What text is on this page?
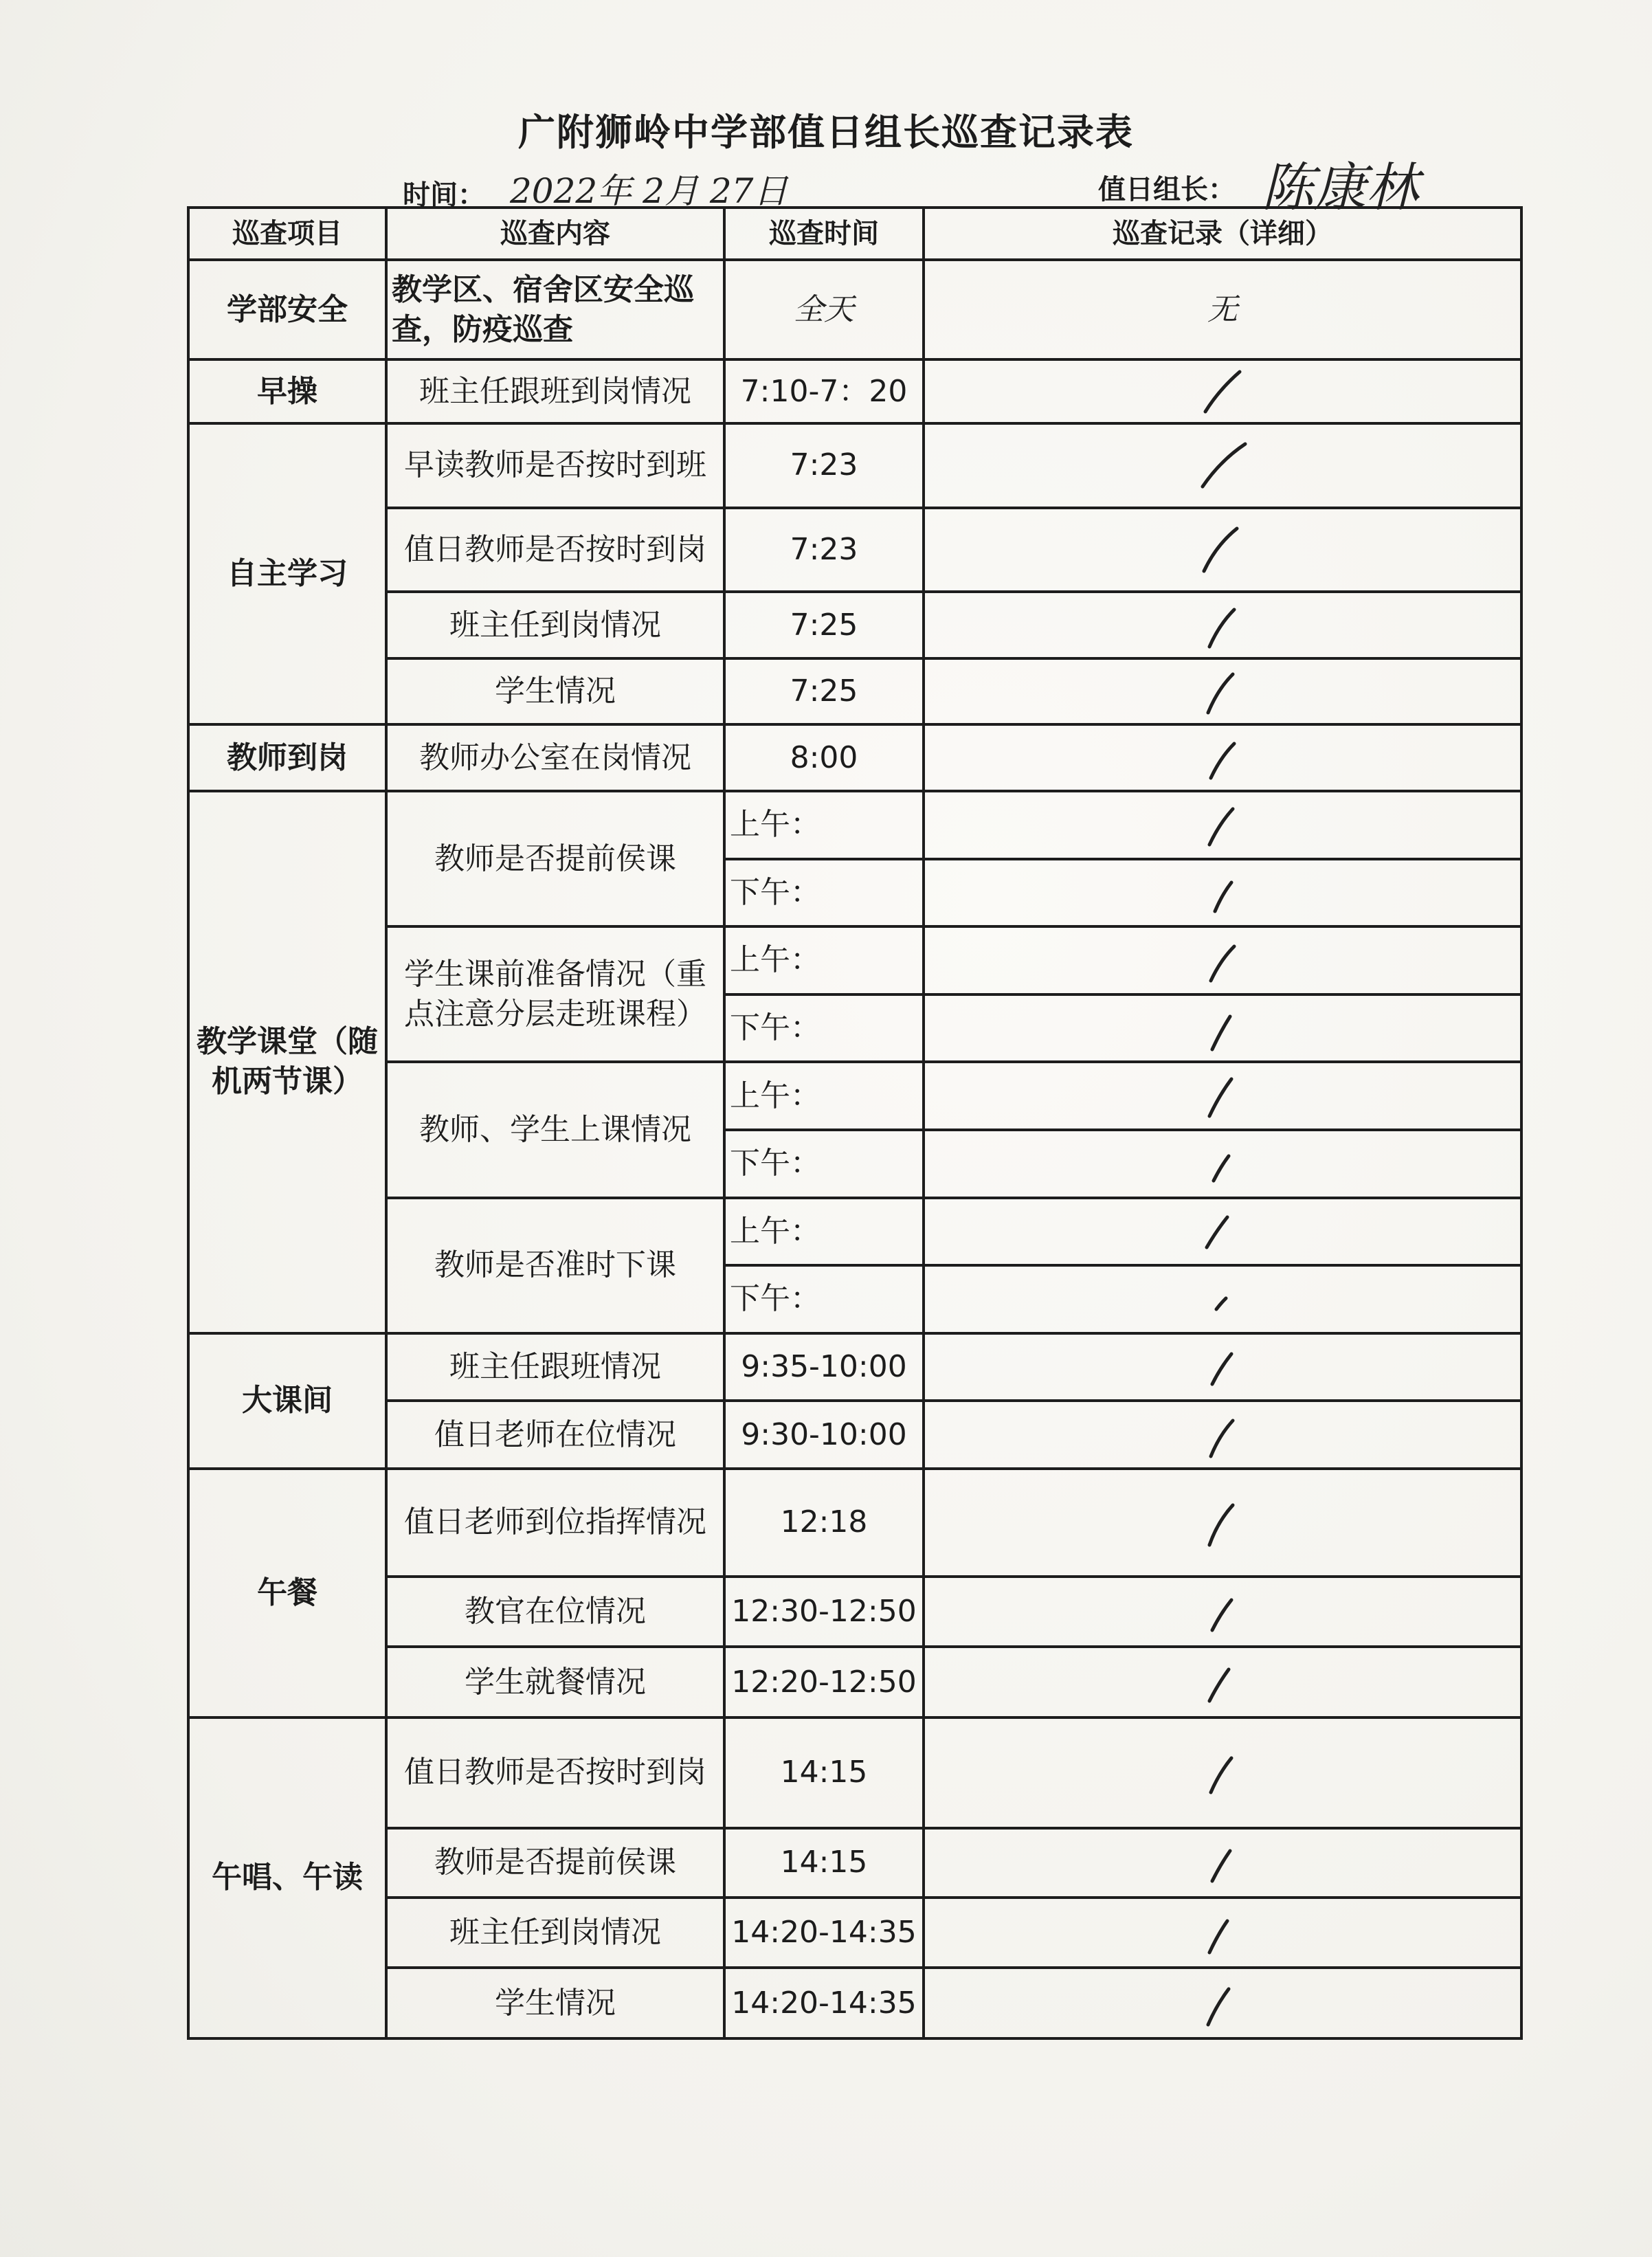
广附狮岭中学部值日组长巡查记录表
时间： 2022年 2月 27日	值日组长： 陈康林
巡查项目	巡查内容	巡查时间	巡查记录（详细）
学部安全	教学区、宿舍区安全巡查，防疫巡查	全天	无
早操	班主任跟班到岗情况	7:10-7：20	
自主学习	早读教师是否按时到班	7:23	
	值日教师是否按时到岗	7:23	
	班主任到岗情况	7:25	
	学生情况	7:25	
教师到岗	教师办公室在岗情况	8:00	
教学课堂（随机两节课）	教师是否提前侯课	上午：	
		下午：	
	学生课前准备情况（重点注意分层走班课程）	上午：	
		下午：	
	教师、学生上课情况	上午：	
		下午：	
	教师是否准时下课	上午：	
		下午：	
大课间	班主任跟班情况	9:35-10:00	
	值日老师在位情况	9:30-10:00	
午餐	值日老师到位指挥情况	12:18	
	教官在位情况	12:30-12:50	
	学生就餐情况	12:20-12:50	
午唱、午读	值日教师是否按时到岗	14:15	
	教师是否提前侯课	14:15	
	班主任到岗情况	14:20-14:35	
	学生情况	14:20-14:35	
